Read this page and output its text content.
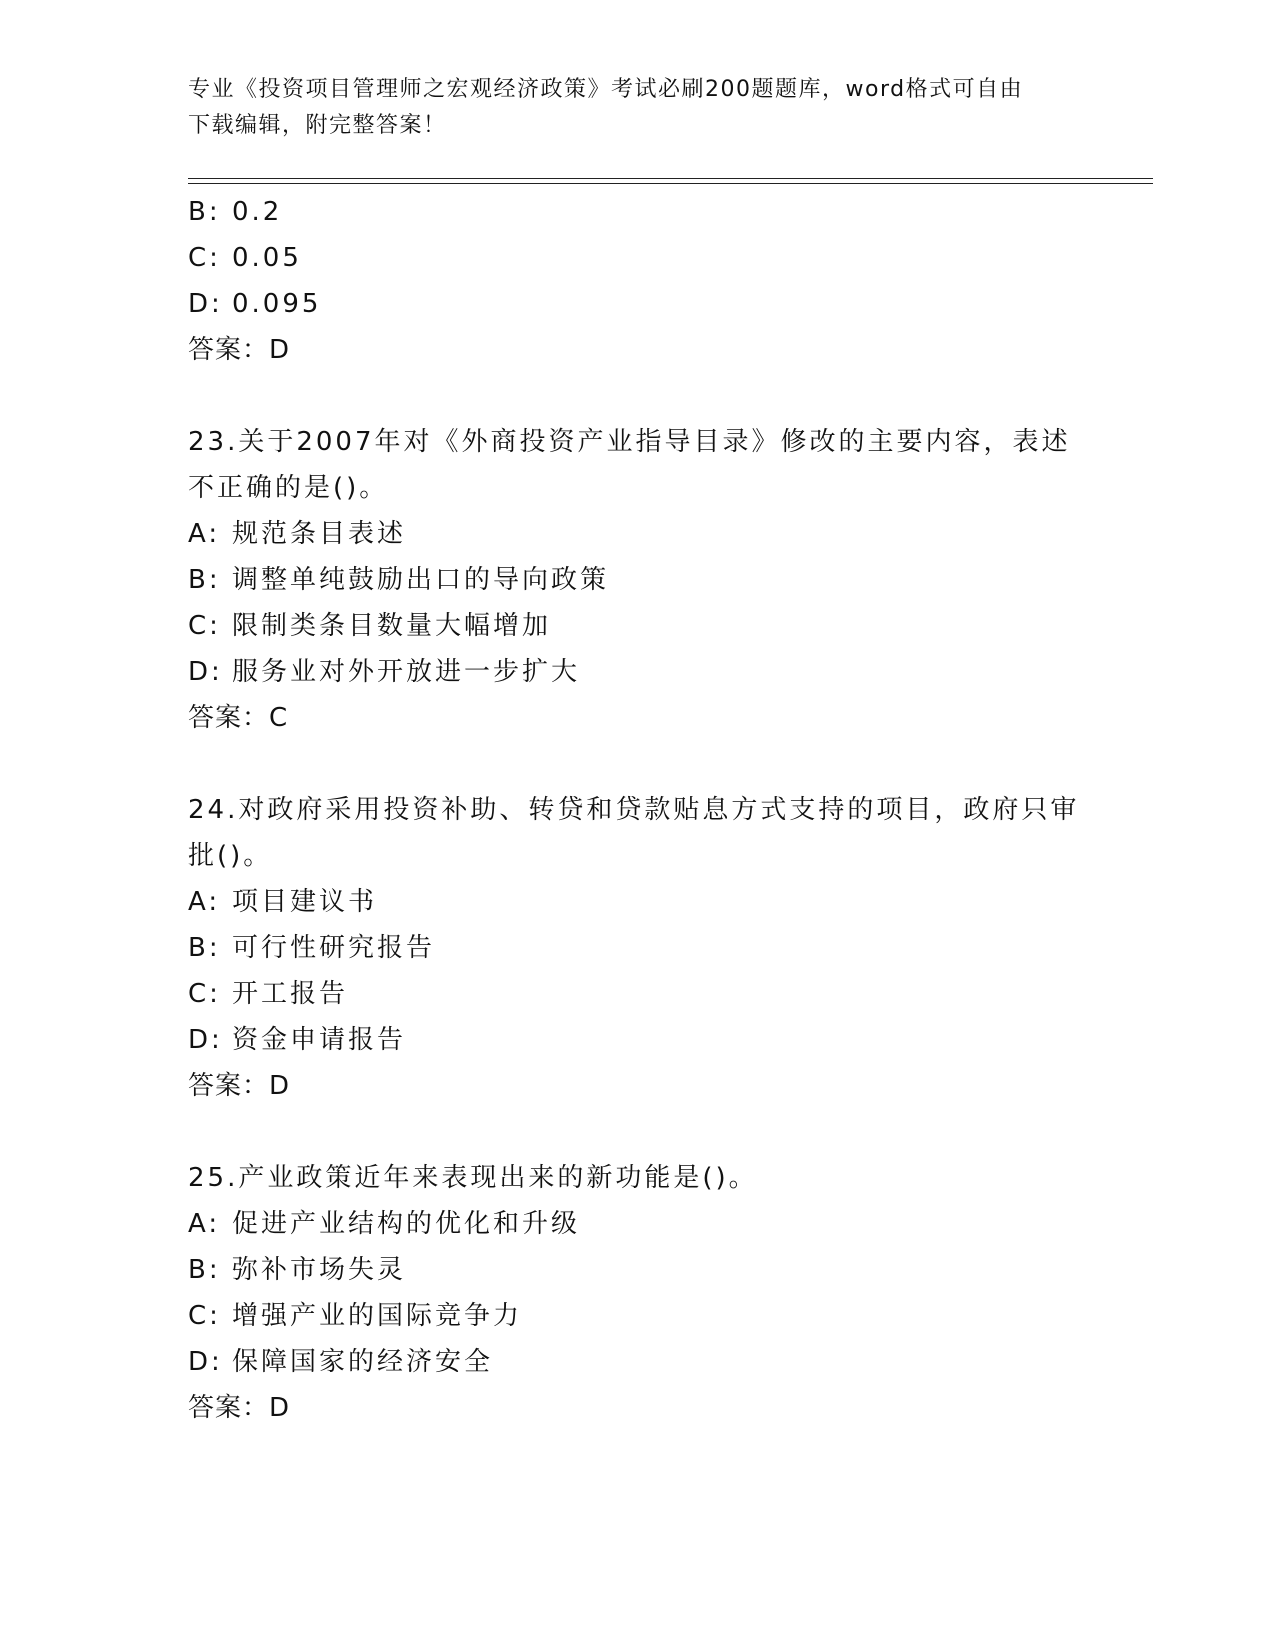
专业《投资项目管理师之宏观经济政策》考试必刷200题题库，word格式可自由
下载编辑，附完整答案！
B: 0.2
C: 0.05
D: 0.095
答案：D
23.关于2007年对《外商投资产业指导目录》修改的主要内容，表述
不正确的是()。
A: 规范条目表述
B: 调整单纯鼓励出口的导向政策
C: 限制类条目数量大幅增加
D: 服务业对外开放进一步扩大
答案：C
24.对政府采用投资补助、转贷和贷款贴息方式支持的项目，政府只审
批()。
A: 项目建议书
B: 可行性研究报告
C: 开工报告
D: 资金申请报告
答案：D
25.产业政策近年来表现出来的新功能是()。
A: 促进产业结构的优化和升级
B: 弥补市场失灵
C: 增强产业的国际竞争力
D: 保障国家的经济安全
答案：D
